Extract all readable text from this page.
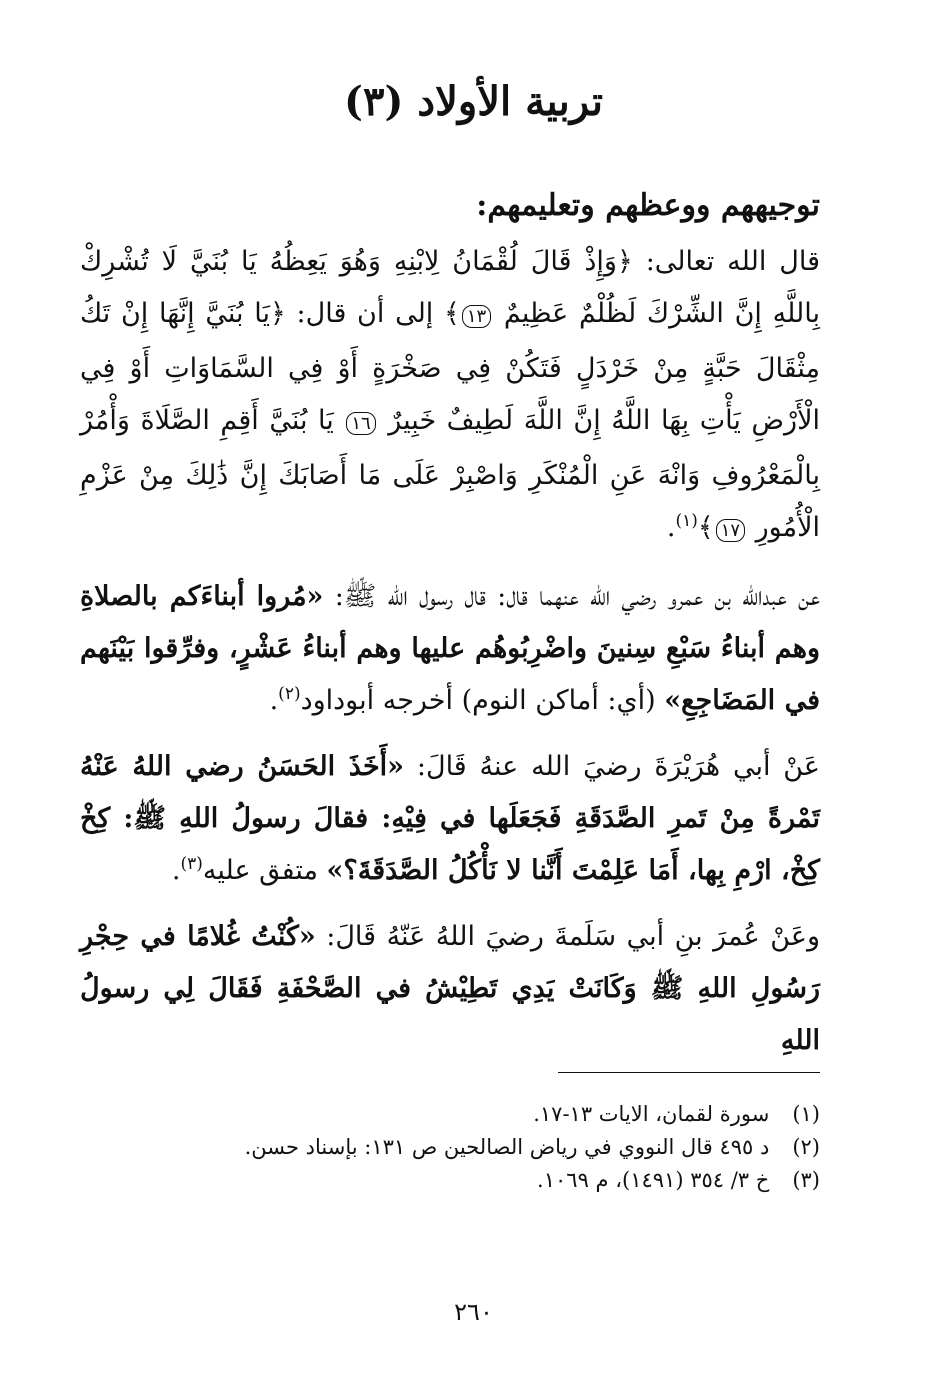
تربية الأولاد (٣)

توجيههم ووعظهم وتعليمهم:

قال الله تعالى: ﴿وَإِذْ قَالَ لُقْمَانُ لِابْنِهِ وَهُوَ يَعِظُهُ يَا بُنَيَّ لَا تُشْرِكْ بِاللَّهِ إِنَّ الشِّرْكَ لَظُلْمٌ عَظِيمٌ ١٣﴾ إلى أن قال: ﴿يَا بُنَيَّ إِنَّهَا إِنْ تَكُ مِثْقَالَ حَبَّةٍ مِنْ خَرْدَلٍ فَتَكُنْ فِي صَخْرَةٍ أَوْ فِي السَّمَاوَاتِ أَوْ فِي الْأَرْضِ يَأْتِ بِهَا اللَّهُ إِنَّ اللَّهَ لَطِيفٌ خَبِيرٌ ١٦ يَا بُنَيَّ أَقِمِ الصَّلَاةَ وَأْمُرْ بِالْمَعْرُوفِ وَانْهَ عَنِ الْمُنْكَرِ وَاصْبِرْ عَلَى مَا أَصَابَكَ إِنَّ ذَٰلِكَ مِنْ عَزْمِ الْأُمُورِ ١٧﴾$^{(١)}$.

عن عبدالله بن عمرو رضي الله عنهما قال: قال رسول الله ﷺ: «مُروا أبناءَكم بالصلاةِ وهم أبناءُ سَبْعِ سِنينَ واضْرِبُوهُم عليها وهم أبناءُ عَشْرٍ، وفرِّقوا بَيْنَهم في المَضَاجِعِ» (أي: أماكن النوم) أخرجه أبوداود$^{(٢)}$.

عَنْ أبي هُرَيْرَةَ رضيَ الله عنهُ قَالَ: «أَخَذَ الحَسَنُ رضي اللهُ عَنْهُ تَمْرةً مِنْ تَمرِ الصَّدَقَةِ فَجَعَلَها في فِيْهِ: فقالَ رسولُ اللهِ ﷺ: كِخْ كِخْ، ارْمِ بِها، أَمَا عَلِمْتَ أَنَّنا لا نَأْكُلُ الصَّدَقَةَ؟» متفق عليه$^{(٣)}$.

وعَنْ عُمرَ بنِ أبي سَلَمةَ رضيَ اللهُ عَنّهُ قَالَ: «كُنْتُ غُلامًا في حِجْرِ رَسُولِ اللهِ ﷺ وَكَانَتْ يَدِي تَطِيْشُ في الصَّحْفَةِ فَقَالَ لِي رسولُ اللهِ

(١) سورة لقمان، الايات ١٣-١٧.
(٢) د ٤٩٥ قال النووي في رياض الصالحين ص ١٣١: بإسناد حسن.
(٣) خ ٣/ ٣٥٤ (١٤٩١)، م ١٠٦٩.
٢٦٠
